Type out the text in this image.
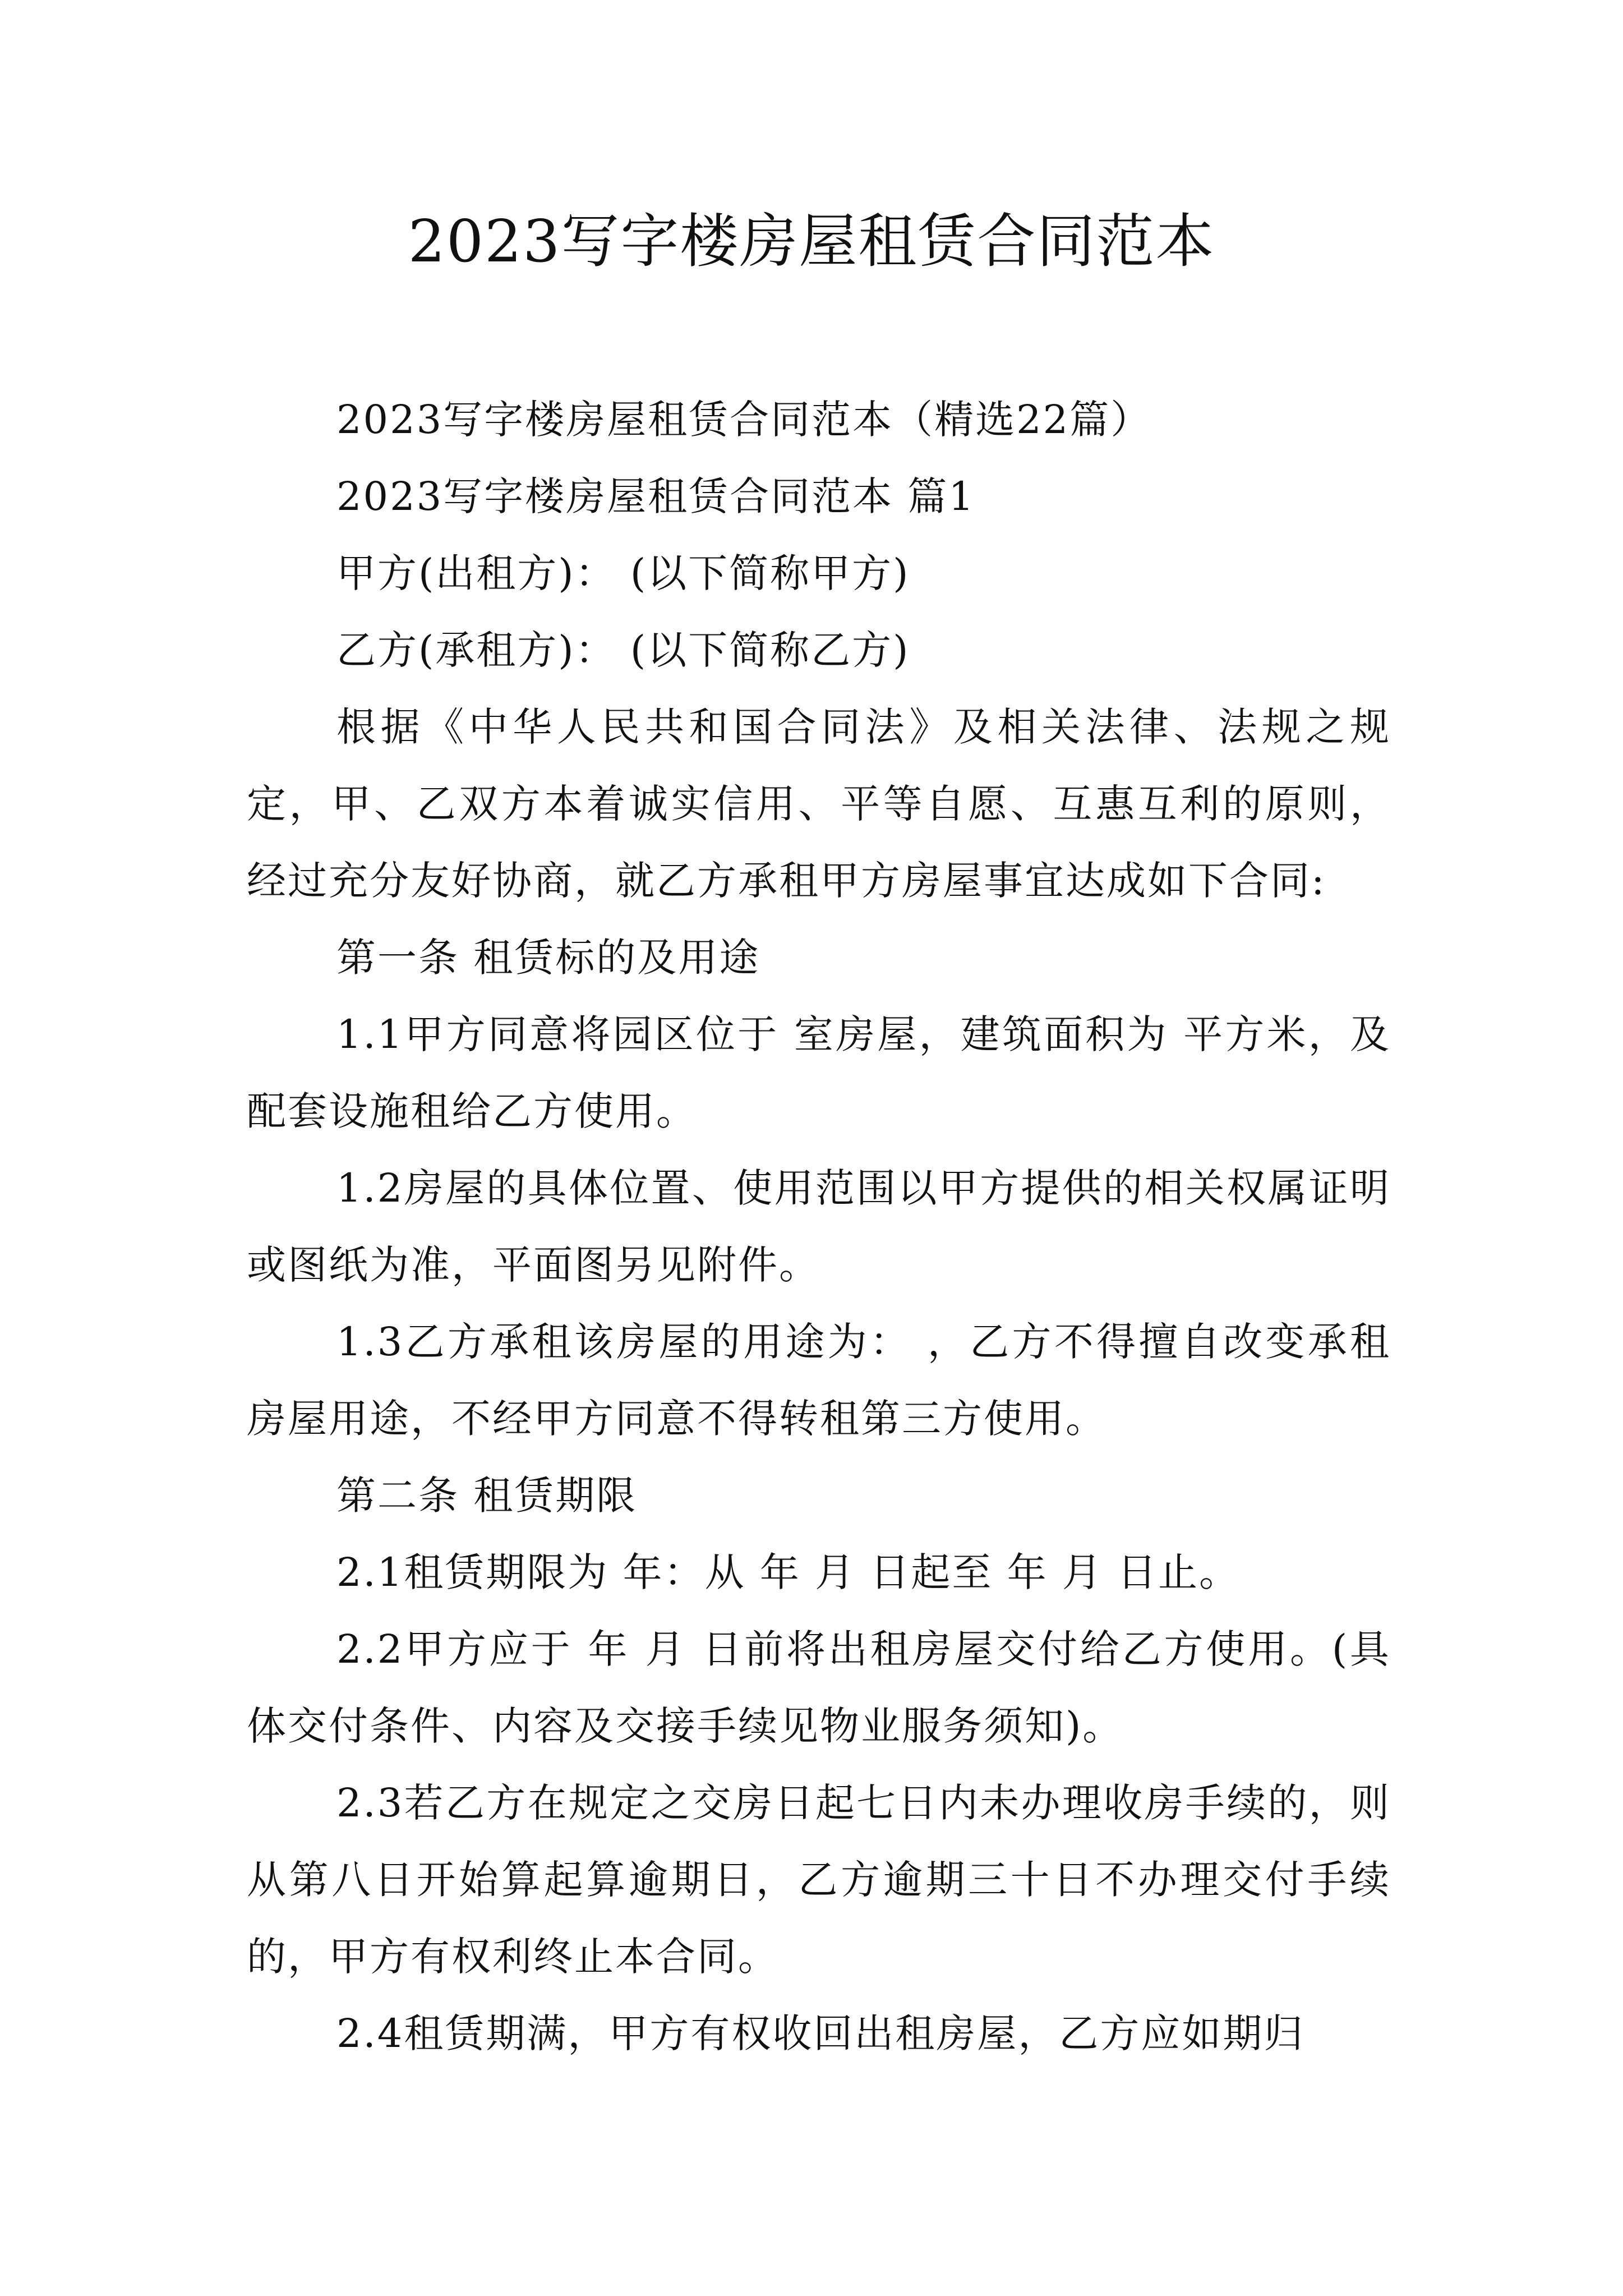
2023写字楼房屋租赁合同范本

2023写字楼房屋租赁合同范本（精选22篇）

2023写字楼房屋租赁合同范本 篇1

甲方(出租方)： (以下简称甲方)

乙方(承租方)： (以下简称乙方)

根据《中华人民共和国合同法》及相关法律、法规之规定，甲、乙双方本着诚实信用、平等自愿、互惠互利的原则，经过充分友好协商，就乙方承租甲方房屋事宜达成如下合同:

第一条 租赁标的及用途

1.1甲方同意将园区位于 室房屋，建筑面积为 平方米，及配套设施租给乙方使用。

1.2房屋的具体位置、使用范围以甲方提供的相关权属证明或图纸为准，平面图另见附件。

1.3乙方承租该房屋的用途为： ，乙方不得擅自改变承租房屋用途，不经甲方同意不得转租第三方使用。

第二条 租赁期限

2.1租赁期限为 年：从 年 月 日起至 年 月 日止。

2.2甲方应于 年 月 日前将出租房屋交付给乙方使用。(具体交付条件、内容及交接手续见物业服务须知)。

2.3若乙方在规定之交房日起七日内未办理收房手续的，则从第八日开始算起算逾期日，乙方逾期三十日不办理交付手续的，甲方有权利终止本合同。

2.4租赁期满，甲方有权收回出租房屋，乙方应如期归
